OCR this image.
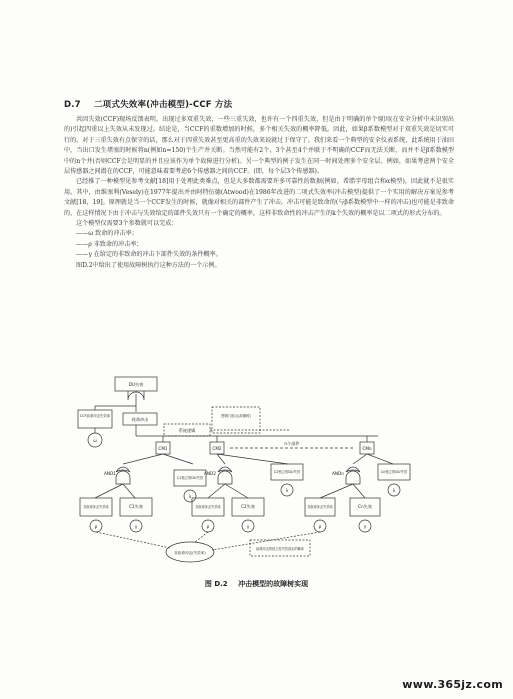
D.7 二项式失效率(冲击模型)-CCF 方法

共因失效(CCF)现场反馈表明，出现过多双重失效，一些三重失效，也许有一个四重失效，但是由于明确的单个原因(在安全分析中未识别出的)引起四重以上失效从未发现过。结论是，当CCF的重数增加的时候，多个相关失效的概率降低。因此，如果β系数模型对于双重失效是切实可行的，对于三重失效有点保守的话，那么对于四重失效甚至更高重的失效来说就过于保守了。我们来看一个典型的安全仪表系统，此系统用于油田中，当出口发生堵塞的时候将n(例如n=150)个生产井关断。当然可能有2个、3个甚至4个并联于不明确的CCF而无法关断，而并不是β系数模型中的n个井(否则CCF会是明显的并且应该作为单个故障进行分析)。另一个典型的例子发生在同一时间处理多个安全层。例如，如果考虑两个安全层传感器之间潜在的CCF，可能意味着要考虑6个传感器之间的CCF。(即，每个层3个传感器)。

已经推了一种模型见参考文献[18]用于处理此类难点，但是大多数都需要许多可靠性的数据(例如，希腊字母组合和α模型)，因此就不是很实用。其中，由维塞利(Vesely)在1977年提出并由阿特伍德(Atwood)在1986年改进的二项式失效率(冲击模型)提供了一个实用的解决方案见参考文献[18，19]。原理就是当一个CCF发生的时候，就像对相关的部件产生了冲击。冲击可能是致命的(与β系数模型中一样的冲击)也可能是非致命的，在这样情况下由于冲击与失效给定的部件失效只有一个确定的概率，这样非致命性的冲击产生的k个失效的概率是以二项式的形式分布的。

这个模型仅需要3个参数就可以完成：

——ω 致命的冲击率；
——ρ 非致命的冲击率；
——γ 在给定的非致命的冲击下部件失效的条件概率。

图D.2中给出了使用故障树执行这种方法的一个示例。

DU失效
CCF致命冲击失效率
ω
致命冲击
系统逻辑
逻辑门组合(故障树)
CM1	CM2	CMn
n个部件
AND1	AND2	ANDn
C1独立的DU失效
C2独立的DU失效	Cn独立的DU失效
λ
λ	λ
非致命冲击失效率	C1失效	非致命冲击失效率	C2失效	非致命冲击失效率	Cn失效
ρ	γ	ρ	γ	ρ	γ
非致命冲击(失效率)
致命冲击的独立性失效真实的概率
图 D.2 冲击模型的故障树实现
www.365jz.com
